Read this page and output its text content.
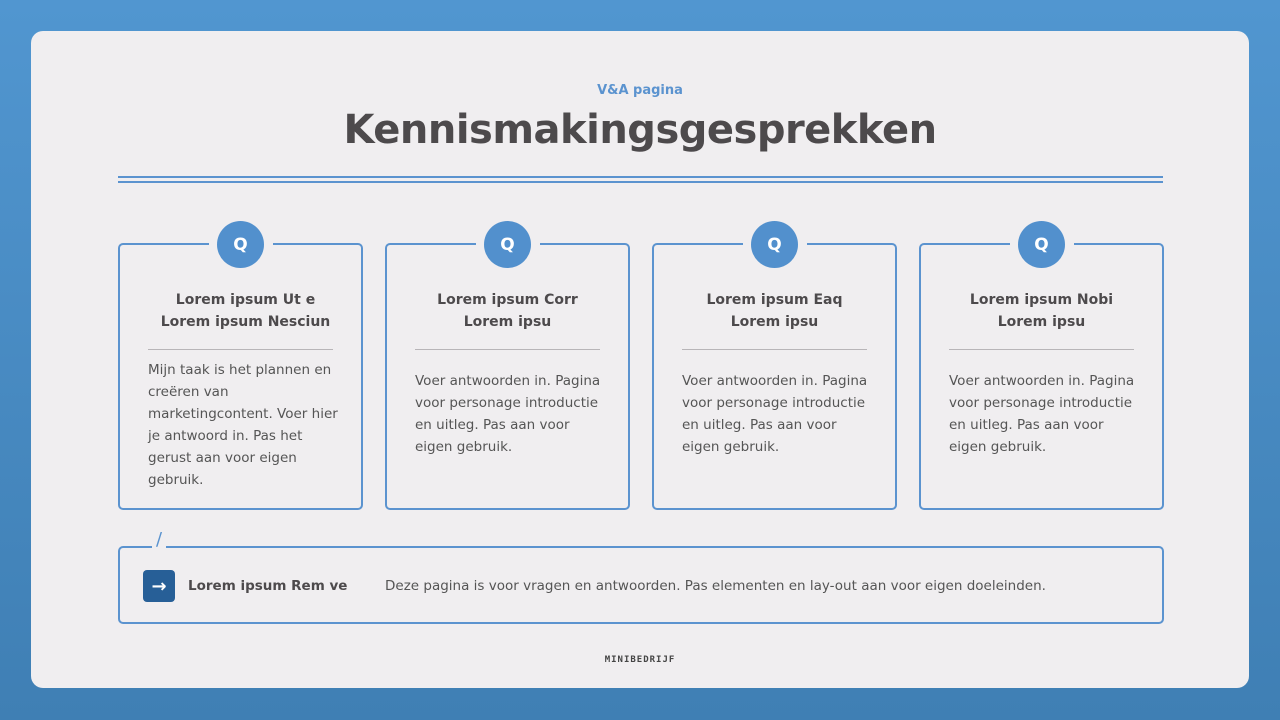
V&A pagina
Kennismakingsgesprekken
Q
Lorem ipsum Ut e Lorem ipsum Nesciun
Mijn taak is het plannen en creëren van marketingcontent. Voer hier je antwoord in. Pas het gerust aan voor eigen gebruik.
Q
Lorem ipsum Corr Lorem ipsu
Voer antwoorden in. Pagina voor personage introductie en uitleg. Pas aan voor eigen gebruik.
Q
Lorem ipsum Eaq Lorem ipsu
Voer antwoorden in. Pagina voor personage introductie en uitleg. Pas aan voor eigen gebruik.
Q
Lorem ipsum Nobi Lorem ipsu
Voer antwoorden in. Pagina voor personage introductie en uitleg. Pas aan voor eigen gebruik.
/
→	Lorem ipsum Rem ve	Deze pagina is voor vragen en antwoorden. Pas elementen en lay-out aan voor eigen doeleinden.
MINIBEDRIJF
